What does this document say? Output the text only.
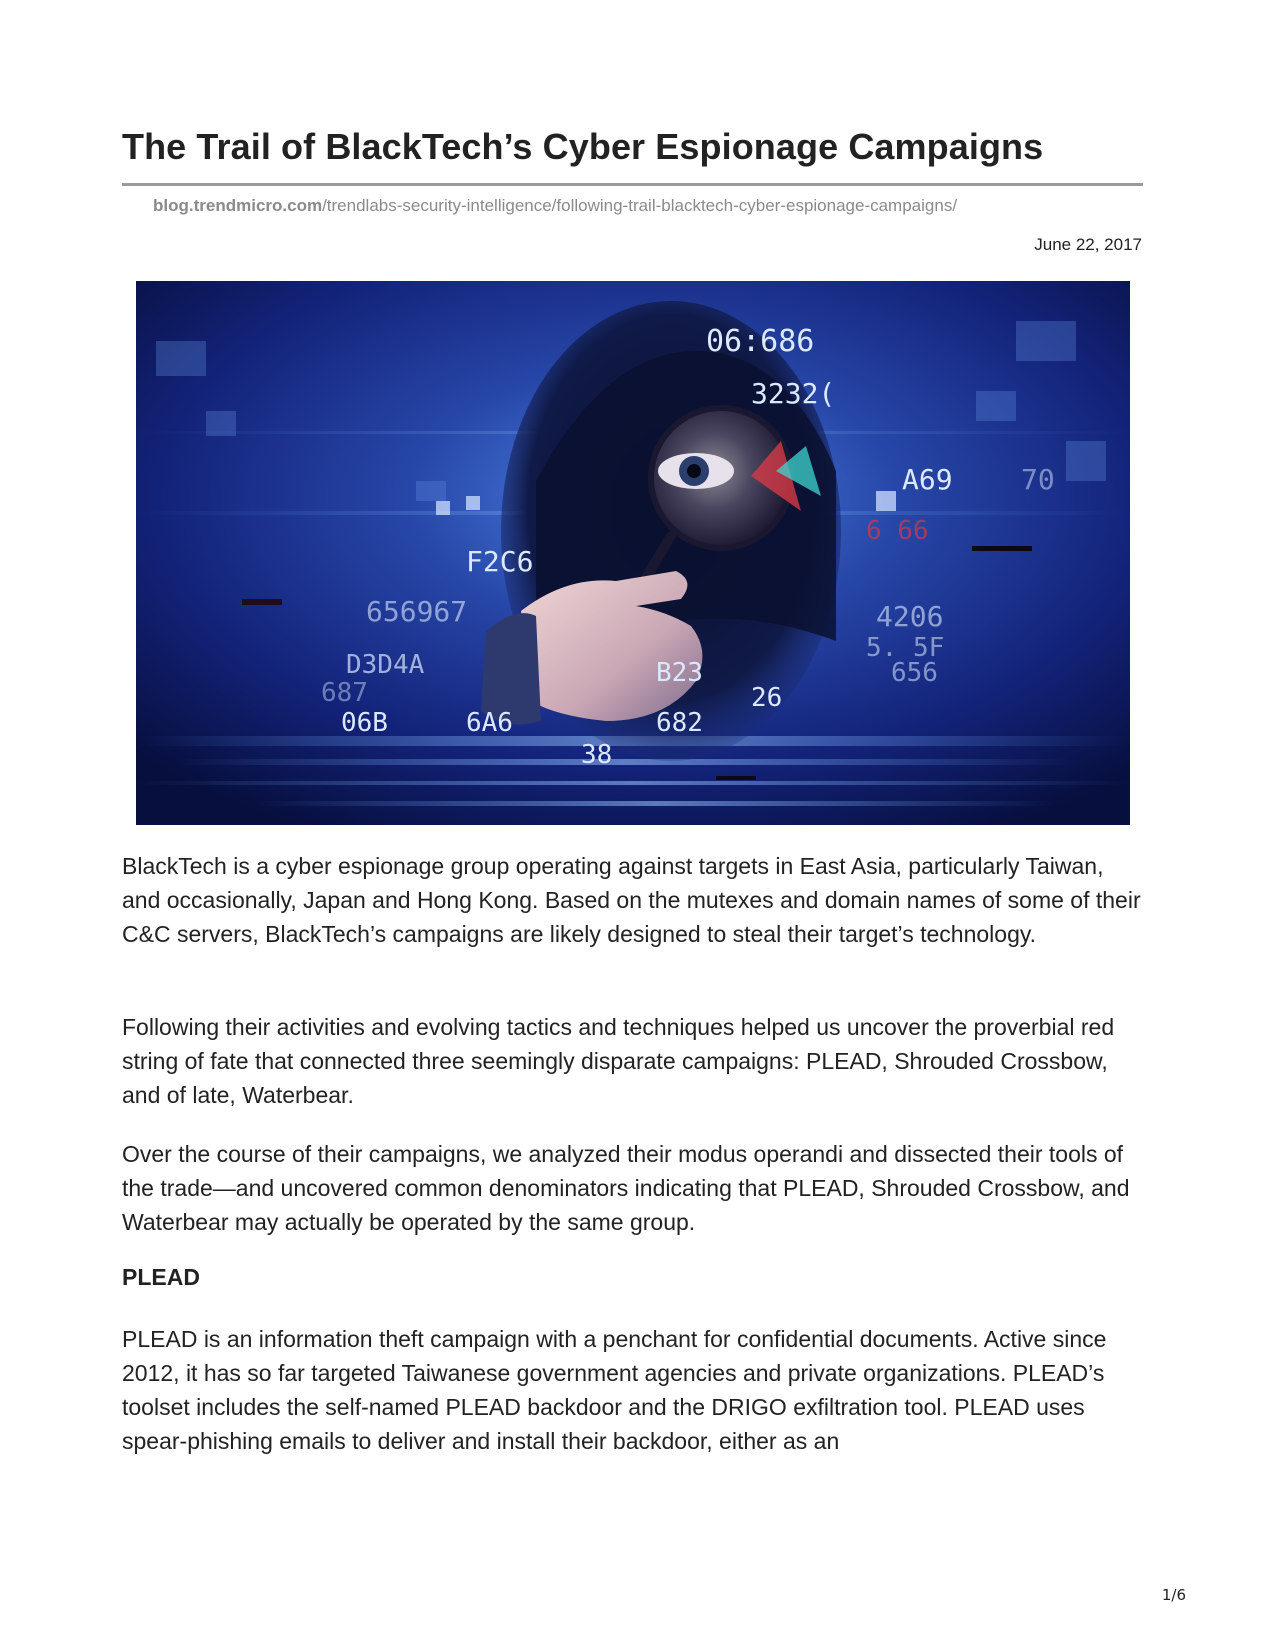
The Trail of BlackTech’s Cyber Espionage Campaigns
blog.trendmicro.com/trendlabs-security-intelligence/following-trail-blacktech-cyber-espionage-campaigns/
June 22, 2017
06:686
3232(
A69 70
F2C6
656967
D3D4A
687
06B	6A6
B23
26
682
38
4206
5. 5F
656
6 66

BlackTech is a cyber espionage group operating against targets in East Asia, particularly Taiwan, and occasionally, Japan and Hong Kong. Based on the mutexes and domain names of some of their C&C servers, BlackTech’s campaigns are likely designed to steal their target’s technology.

Following their activities and evolving tactics and techniques helped us uncover the proverbial red string of fate that connected three seemingly disparate campaigns: PLEAD, Shrouded Crossbow, and of late, Waterbear.

Over the course of their campaigns, we analyzed their modus operandi and dissected their tools of the trade—and uncovered common denominators indicating that PLEAD, Shrouded Crossbow, and Waterbear may actually be operated by the same group.

PLEAD

PLEAD is an information theft campaign with a penchant for confidential documents. Active since 2012, it has so far targeted Taiwanese government agencies and private organizations. PLEAD’s toolset includes the self-named PLEAD backdoor and the DRIGO exfiltration tool. PLEAD uses spear-phishing emails to deliver and install their backdoor, either as an

1/6
